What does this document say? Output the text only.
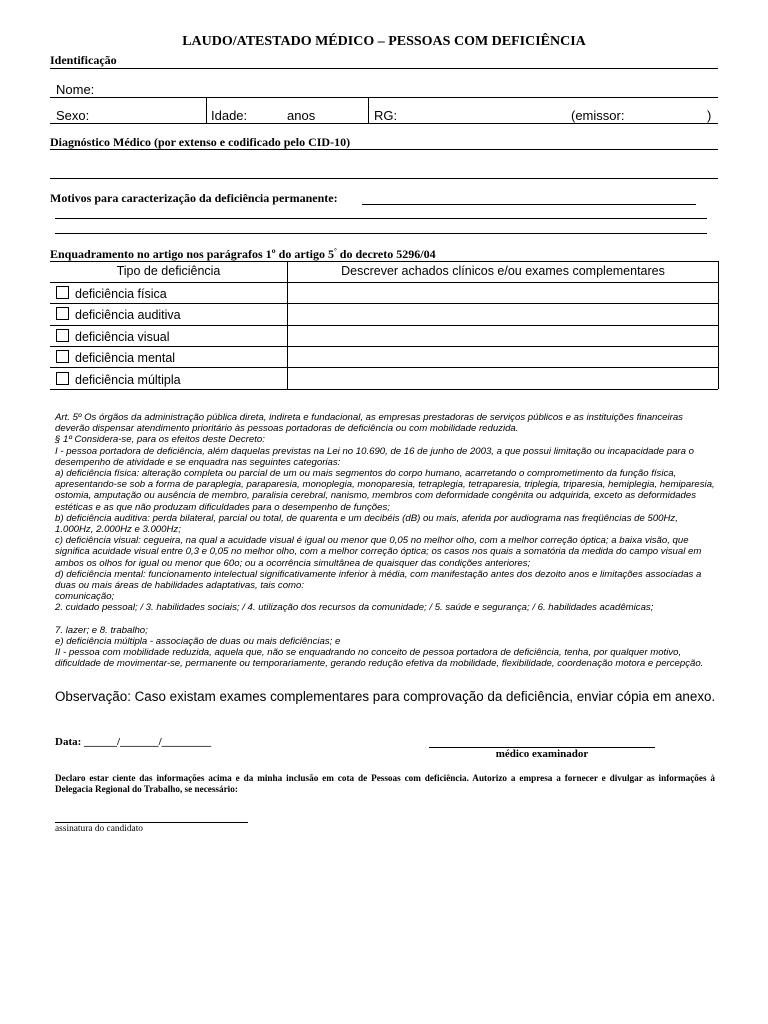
LAUDO/ATESTADO MÉDICO – PESSOAS COM DEFICIÊNCIA
Identificação
Nome:
Sexo:	Idade:	anos	RG:	(emissor:	)
Diagnóstico Médico (por extenso e codificado pelo CID-10)
Motivos para caracterização da deficiência permanente:
Enquadramento no artigo nos parágrafos 1º do artigo 5° do decreto 5296/04
Tipo de deficiência	Descrever achados clínicos e/ou exames complementares
deficiência física
deficiência auditiva
deficiência visual
deficiência mental
deficiência múltipla

Art. 5º Os órgãos da administração pública direta, indireta e fundacional, as empresas prestadoras de serviços públicos e as instituições financeiras deverão dispensar atendimento prioritário às pessoas portadoras de deficiência ou com mobilidade reduzida.

§ 1º Considera-se, para os efeitos deste Decreto:

I - pessoa portadora de deficiência, além daquelas previstas na Lei no 10.690, de 16 de junho de 2003, a que possui limitação ou incapacidade para o desempenho de atividade e se enquadra nas seguintes categorias:

a) deficiência física: alteração completa ou parcial de um ou mais segmentos do corpo humano, acarretando o comprometimento da função física, apresentando-se sob a forma de paraplegia, paraparesia, monoplegia, monoparesia, tetraplegia, tetraparesia, triplegia, triparesia, hemiplegia, hemiparesia, ostomia, amputação ou ausência de membro, paralisia cerebral, nanismo, membros com deformidade congênita ou adquirida, exceto as deformidades estéticas e as que não produzam dificuldades para o desempenho de funções;

b) deficiência auditiva: perda bilateral, parcial ou total, de quarenta e um decibéis (dB) ou mais, aferida por audiograma nas freqüências de 500Hz, 1.000Hz, 2.000Hz e 3.000Hz;

c) deficiência visual: cegueira, na qual a acuidade visual é igual ou menor que 0,05 no melhor olho, com a melhor correção óptica; a baixa visão, que significa acuidade visual entre 0,3 e 0,05 no melhor olho, com a melhor correção óptica; os casos nos quais a somatória da medida do campo visual em ambos os olhos for igual ou menor que 60o; ou a ocorrência simultânea de quaisquer das condições anteriores;

d) deficiência mental: funcionamento intelectual significativamente inferior à média, com manifestação antes dos dezoito anos e limitações associadas a duas ou mais áreas de habilidades adaptativas, tais como:

comunicação;

2. cuidado pessoal; / 3. habilidades sociais; / 4. utilização dos recursos da comunidade; / 5. saúde e segurança; / 6. habilidades acadêmicas;

7. lazer; e 8. trabalho;

e) deficiência múltipla - associação de duas ou mais deficiências; e

II - pessoa com mobilidade reduzida, aquela que, não se enquadrando no conceito de pessoa portadora de deficiência, tenha, por qualquer motivo, dificuldade de movimentar-se, permanente ou temporariamente, gerando redução efetiva da mobilidade, flexibilidade, coordenação motora e percepção.

Observação: Caso existam exames complementares para comprovação da deficiência, enviar cópia em anexo.
Data: ______/_______/_________
médico examinador
Declaro estar ciente das informações acima e da minha inclusão em cota de Pessoas com deficiência. Autorizo a empresa a fornecer e divulgar as informações à Delegacia Regional do Trabalho, se necessário:
assinatura do candidato
